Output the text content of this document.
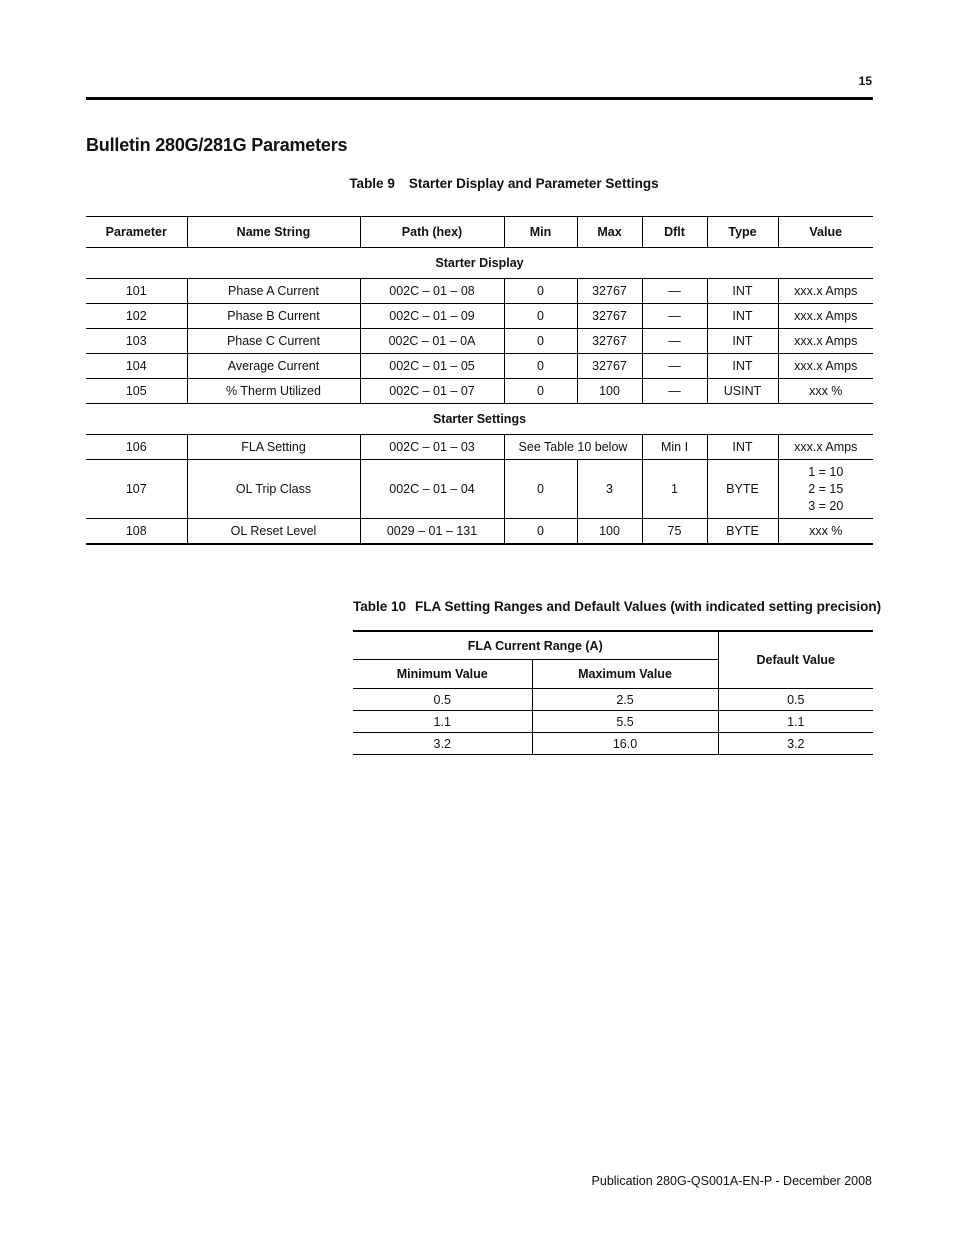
15
Bulletin 280G/281G Parameters
Table 9 Starter Display and Parameter Settings
Parameter	Name String	Path (hex)	Min	Max	Dflt	Type	Value
Starter Display							
101	Phase A Current	002C – 01 – 08	0	32767	—	INT	xxx.x Amps
102	Phase B Current	002C – 01 – 09	0	32767	—	INT	xxx.x Amps
103	Phase C Current	002C – 01 – 0A	0	32767	—	INT	xxx.x Amps
104	Average Current	002C – 01 – 05	0	32767	—	INT	xxx.x Amps
105	% Therm Utilized	002C – 01 – 07	0	100	—	USINT	xxx %
Starter Settings							
106	FLA Setting	002C – 01 – 03	See Table 10 below		Min I	INT	xxx.x Amps
107	OL Trip Class	002C – 01 – 04	0	3	1	BYTE	1 = 10
2 = 15
3 = 20

108	OL Reset Level	0029 – 01 – 131	0	100	75	BYTE	xxx %
Table 10 FLA Setting Ranges and Default Values (with indicated setting precision)
FLA Current Range (A)		Default Value
Minimum Value	Maximum Value	
0.5	2.5	0.5
1.1	5.5	1.1
3.2	16.0	3.2
Publication 280G-QS001A-EN-P - December 2008
